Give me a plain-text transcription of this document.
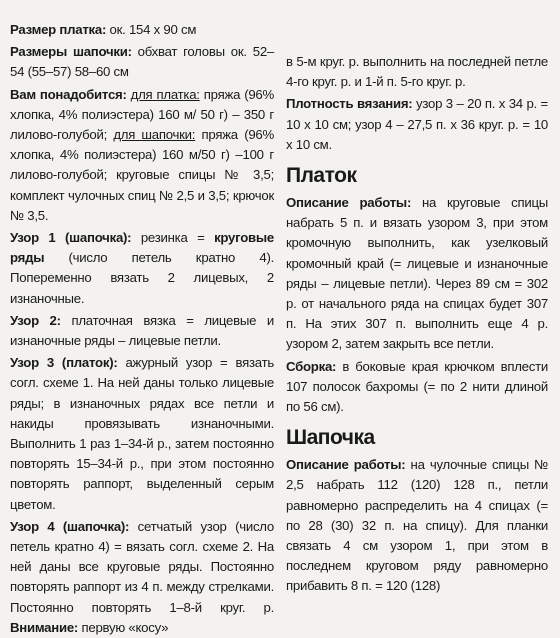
Размер платка: ок. 154 х 90 см

Размеры шапочки: обхват головы ок. 52–54 (55–57) 58–60 см

Вам понадобится: для платка: пряжа (96% хлопка, 4% полиэстера) 160 м/ 50 г) – 350 г лилово-голубой; для шапочки: пряжа (96% хлопка, 4% полиэстера) 160 м/50 г) –100 г лилово-голубой; круговые спицы № 3,5; комплект чулочных спиц № 2,5 и 3,5; крючок № 3,5.

Узор 1 (шапочка): резинка = круговые ряды (число петель кратно 4). Попеременно вязать 2 лицевых, 2 изнаночные.

Узор 2: платочная вязка = лицевые и изнаночные ряды – лицевые петли.

Узор 3 (платок): ажурный узор = вязать согл. схеме 1. На ней даны только лицевые ряды; в изнаночных рядах все петли и накиды провязывать изнаночными. Выполнить 1 раз 1–34-й р., затем постоянно повторять 15–34-й р., при этом постоянно повторять раппорт, выделенный серым цветом.

Узор 4 (шапочка): сетчатый узор (число петель кратно 4) = вязать согл. схеме 2. На ней даны все круговые ряды. Постоянно повторять раппорт из 4 п. между стрелками. Постоянно повторять 1–8-й круг. р. Внимание: первую «косу»

в 5-м круг. р. выполнить на последней петле 4-го круг. р. и 1-й п. 5-го круг. р.

Плотность вязания: узор 3 – 20 п. х 34 р. = 10 х 10 см; узор 4 – 27,5 п. х 36 круг. р. = 10 х 10 см.

Платок

Описание работы: на круговые спицы набрать 5 п. и вязать узором 3, при этом кромочную выполнить, как узелковый кромочный край (= лицевые и изнаночные ряды – лицевые петли). Через 89 см = 302 р. от начального ряда на спицах будет 307 п. На этих 307 п. выполнить еще 4 р. узором 2, затем закрыть все петли.

Сборка: в боковые края крючком вплести 107 полосок бахромы (= по 2 нити длиной по 56 см).

Шапочка

Описание работы: на чулочные спицы № 2,5 набрать 112 (120) 128 п., петли равномерно распределить на 4 спицах (= по 28 (30) 32 п. на спицу). Для планки связать 4 см узором 1, при этом в последнем круговом ряду равномерно прибавить 8 п. = 120 (128)
